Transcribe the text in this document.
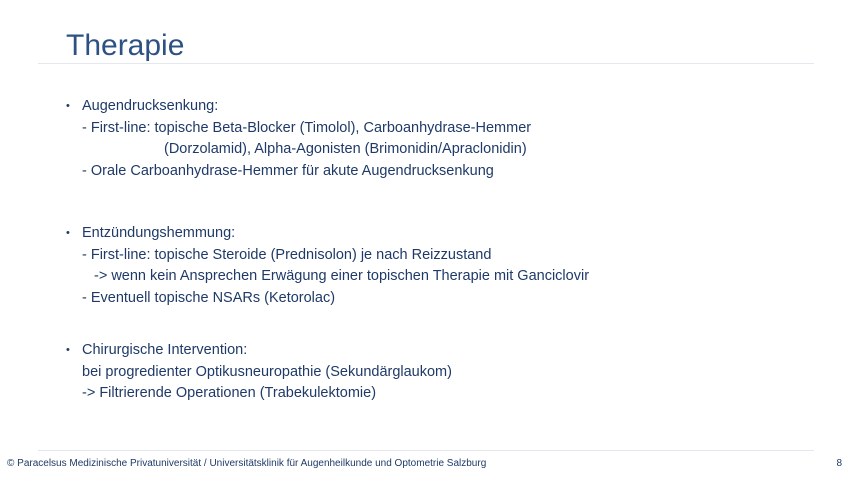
Therapie
• Augendrucksenkung:
- First-line: topische Beta-Blocker (Timolol), Carboanhydrase-Hemmer
(Dorzolamid), Alpha-Agonisten (Brimonidin/Apraclonidin)
- Orale Carboanhydrase-Hemmer für akute Augendrucksenkung
• Entzündungshemmung:
- First-line: topische Steroide (Prednisolon) je nach Reizzustand
-> wenn kein Ansprechen Erwägung einer topischen Therapie mit Ganciclovir
- Eventuell topische NSARs (Ketorolac)
• Chirurgische Intervention:
bei progredienter Optikusneuropathie (Sekundärglaukom)
-> Filtrierende Operationen (Trabekulektomie)
© Paracelsus Medizinische Privatuniversität / Universitätsklinik für Augenheilkunde und Optometrie Salzburg	8
